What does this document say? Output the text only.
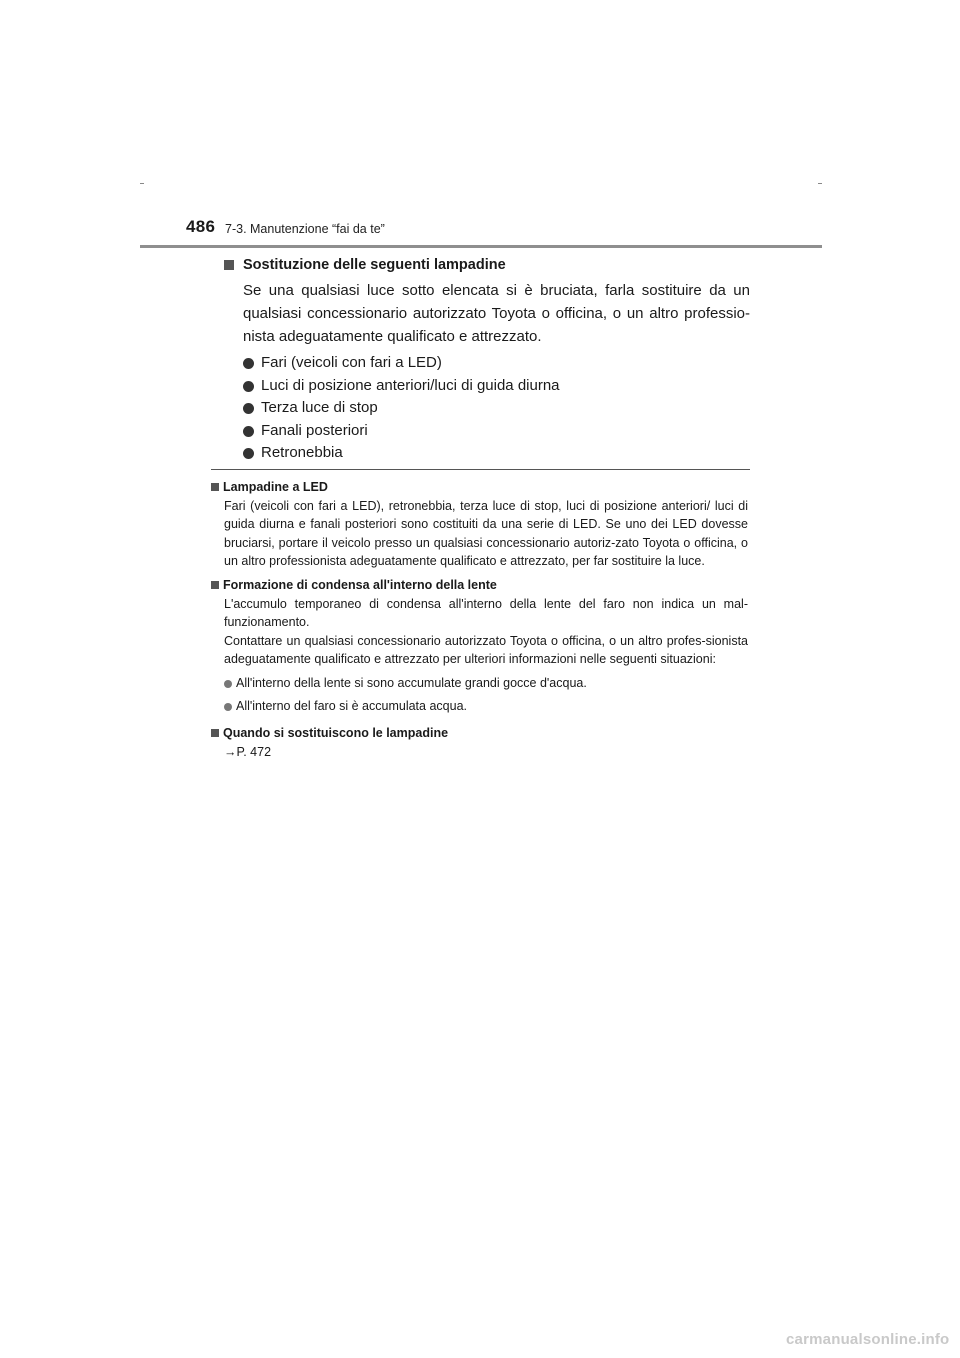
486 7-3. Manutenzione “fai da te”
Sostituzione delle seguenti lampadine

Se una qualsiasi luce sotto elencata si è bruciata, farla sostituire da un qualsiasi concessionario autorizzato Toyota o officina, o un altro professio-nista adeguatamente qualificato e attrezzato.

Fari (veicoli con fari a LED)
Luci di posizione anteriori/luci di guida diurna
Terza luce di stop
Fanali posteriori
Retronebbia
Lampadine a LED
Fari (veicoli con fari a LED), retronebbia, terza luce di stop, luci di posizione anteriori/ luci di guida diurna e fanali posteriori sono costituiti da una serie di LED. Se uno dei LED dovesse bruciarsi, portare il veicolo presso un qualsiasi concessionario autoriz-zato Toyota o officina, o un altro professionista adeguatamente qualificato e attrezzato, per far sostituire la luce.
Formazione di condensa all'interno della lente
L'accumulo temporaneo di condensa all'interno della lente del faro non indica un mal-funzionamento.
Contattare un qualsiasi concessionario autorizzato Toyota o officina, o un altro profes-sionista adeguatamente qualificato e attrezzato per ulteriori informazioni nelle seguenti situazioni:
All'interno della lente si sono accumulate grandi gocce d'acqua.
All'interno del faro si è accumulata acqua.
Quando si sostituiscono le lampadine
→P. 472
carmanualsonline.info
